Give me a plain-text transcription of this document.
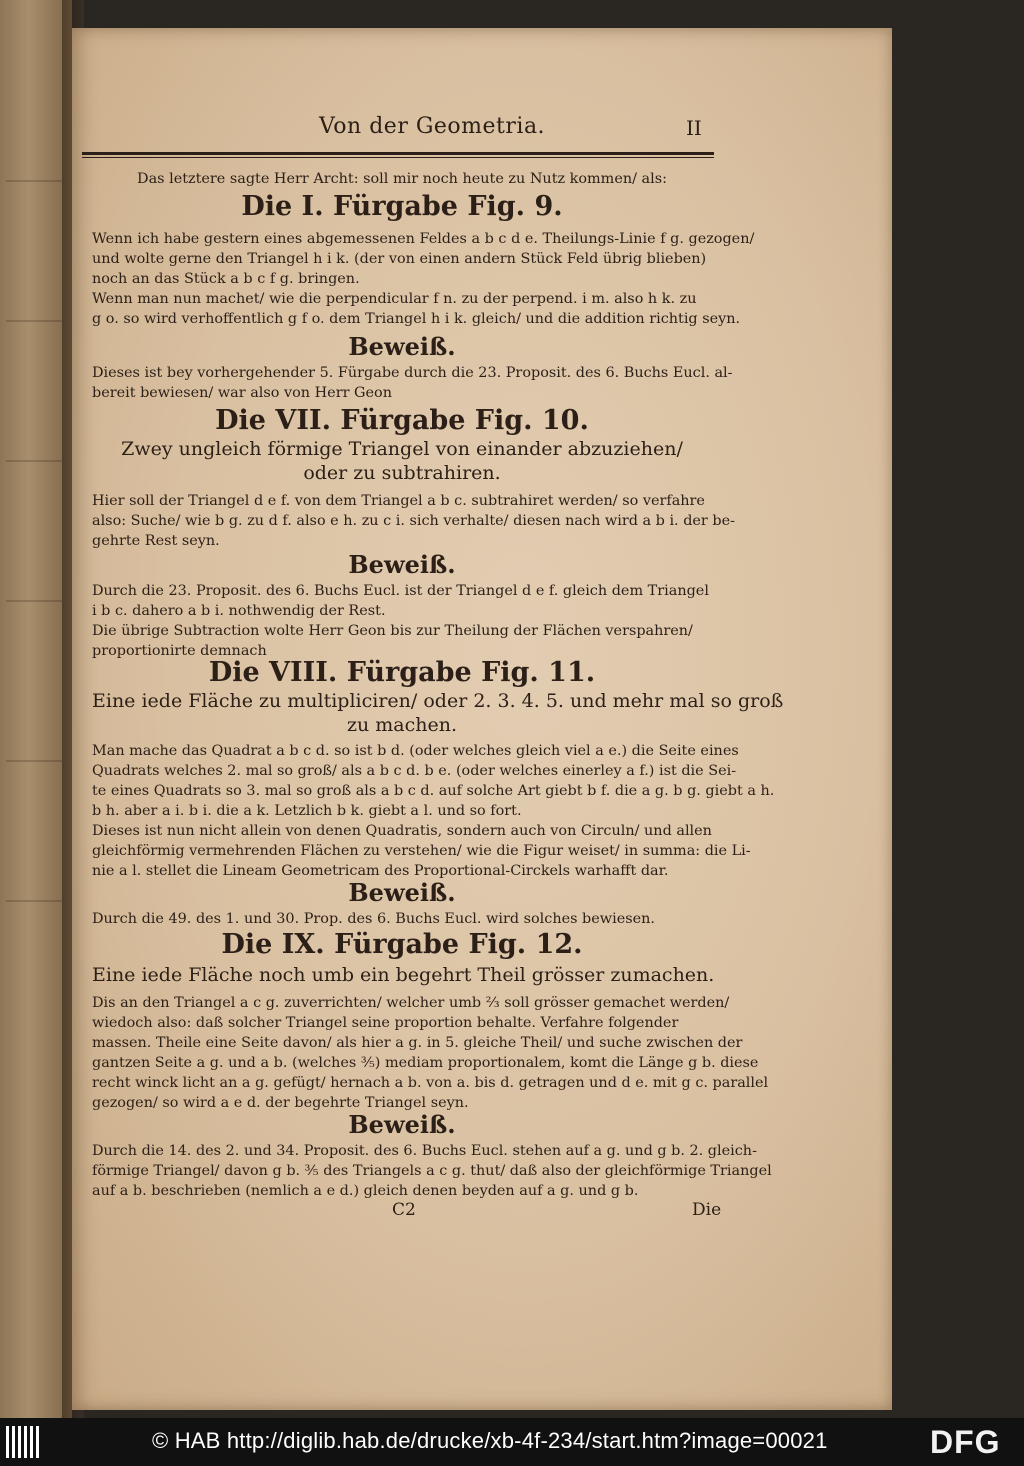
Von der Geometria.	II
Das letztere sagte Herr Archt: soll mir noch heute zu Nutz kommen/ als:
Die I. Fürgabe Fig. 9.
Wenn ich habe gestern eines abgemessenen Feldes a b c d e. Theilungs-Linie f g. gezogen/
und wolte gerne den Triangel h i k. (der von einen andern Stück Feld übrig blieben)
noch an das Stück a b c f g. bringen.
Wenn man nun machet/ wie die perpendicular f n. zu der perpend. i m. also h k. zu
g o. so wird verhoffentlich g f o. dem Triangel h i k. gleich/ und die addition richtig seyn.
Beweiß.
Dieses ist bey vorhergehender 5. Fürgabe durch die 23. Proposit. des 6. Buchs Eucl. al-
bereit bewiesen/ war also von Herr Geon
Die VII. Fürgabe Fig. 10.
Zwey ungleich förmige Triangel von einander abzuziehen/
oder zu subtrahiren.
Hier soll der Triangel d e f. von dem Triangel a b c. subtrahiret werden/ so verfahre
also: Suche/ wie b g. zu d f. also e h. zu c i. sich verhalte/ diesen nach wird a b i. der be-
gehrte Rest seyn.
Beweiß.
Durch die 23. Proposit. des 6. Buchs Eucl. ist der Triangel d e f. gleich dem Triangel
i b c. dahero a b i. nothwendig der Rest.
Die übrige Subtraction wolte Herr Geon bis zur Theilung der Flächen verspahren/
proportionirte demnach
Die VIII. Fürgabe Fig. 11.
Eine iede Fläche zu multipliciren/ oder 2. 3. 4. 5. und mehr mal so groß
zu machen.
Man mache das Quadrat a b c d. so ist b d. (oder welches gleich viel a e.) die Seite eines
Quadrats welches 2. mal so groß/ als a b c d. b e. (oder welches einerley a f.) ist die Sei-
te eines Quadrats so 3. mal so groß als a b c d. auf solche Art giebt b f. die a g. b g. giebt a h.
b h. aber a i. b i. die a k. Letzlich b k. giebt a l. und so fort.
Dieses ist nun nicht allein von denen Quadratis, sondern auch von Circuln/ und allen
gleichförmig vermehrenden Flächen zu verstehen/ wie die Figur weiset/ in summa: die Li-
nie a l. stellet die Lineam Geometricam des Proportional-Circkels warhafft dar.
Beweiß.
Durch die 49. des 1. und 30. Prop. des 6. Buchs Eucl. wird solches bewiesen.
Die IX. Fürgabe Fig. 12.
Eine iede Fläche noch umb ein begehrt Theil grösser zumachen.
Dis an den Triangel a c g. zuverrichten/ welcher umb ⅔ soll grösser gemachet werden/
wiedoch also: daß solcher Triangel seine proportion behalte. Verfahre folgender
massen. Theile eine Seite davon/ als hier a g. in 5. gleiche Theil/ und suche zwischen der
gantzen Seite a g. und a b. (welches ⅗) mediam proportionalem, komt die Länge g b. diese
recht winck licht an a g. gefügt/ hernach a b. von a. bis d. getragen und d e. mit g c. parallel
gezogen/ so wird a e d. der begehrte Triangel seyn.
Beweiß.
Durch die 14. des 2. und 34. Proposit. des 6. Buchs Eucl. stehen auf a g. und g b. 2. gleich-
förmige Triangel/ davon g b. ⅗ des Triangels a c g. thut/ daß also der gleichförmige Triangel
auf a b. beschrieben (nemlich a e d.) gleich denen beyden auf a g. und g b.
C2	Die
© HAB http://diglib.hab.de/drucke/xb-4f-234/start.htm?image=00021	DFG
